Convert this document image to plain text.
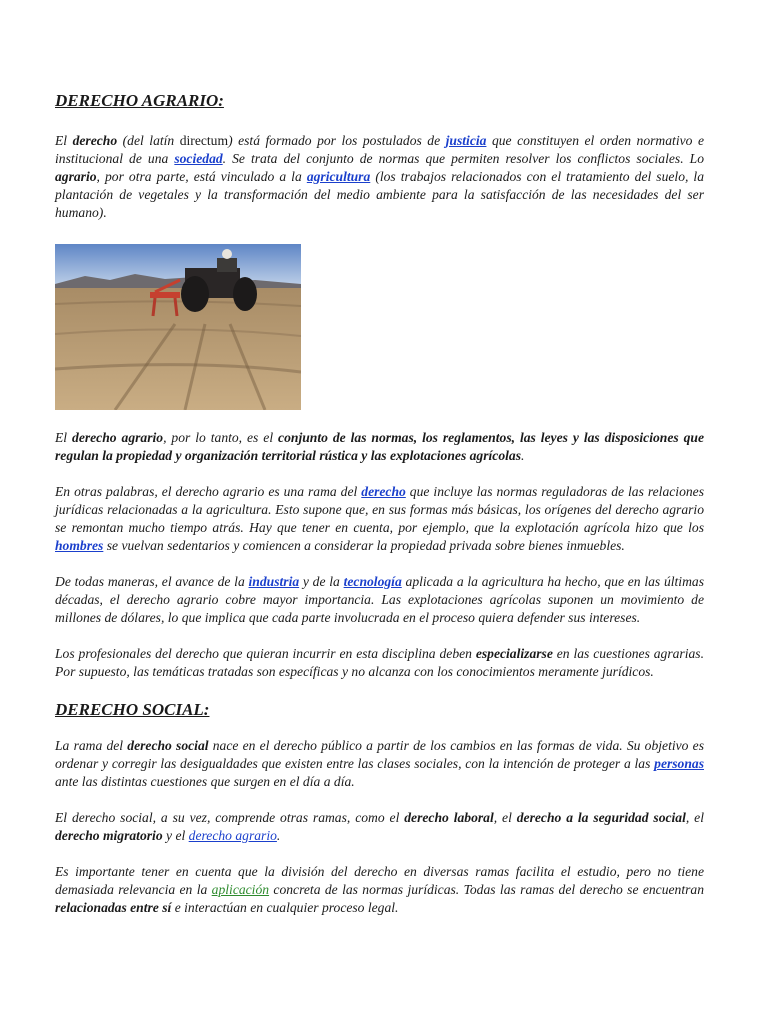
DERECHO AGRARIO:

El derecho (del latín directum) está formado por los postulados de justicia que constituyen el orden normativo e institucional de una sociedad. Se trata del conjunto de normas que permiten resolver los conflictos sociales. Lo agrario, por otra parte, está vinculado a la agricultura (los trabajos relacionados con el tratamiento del suelo, la plantación de vegetales y la transformación del medio ambiente para la satisfacción de las necesidades del ser humano).

El derecho agrario, por lo tanto, es el conjunto de las normas, los reglamentos, las leyes y las disposiciones que regulan la propiedad y organización territorial rústica y las explotaciones agrícolas.

En otras palabras, el derecho agrario es una rama del derecho que incluye las normas reguladoras de las relaciones jurídicas relacionadas a la agricultura. Esto supone que, en sus formas más básicas, los orígenes del derecho agrario se remontan mucho tiempo atrás. Hay que tener en cuenta, por ejemplo, que la explotación agrícola hizo que los hombres se vuelvan sedentarios y comiencen a considerar la propiedad privada sobre bienes inmuebles.

De todas maneras, el avance de la industria y de la tecnología aplicada a la agricultura ha hecho, que en las últimas décadas, el derecho agrario cobre mayor importancia. Las explotaciones agrícolas suponen un movimiento de millones de dólares, lo que implica que cada parte involucrada en el proceso quiera defender sus intereses.

Los profesionales del derecho que quieran incurrir en esta disciplina deben especializarse en las cuestiones agrarias. Por supuesto, las temáticas tratadas son específicas y no alcanza con los conocimientos meramente jurídicos.

DERECHO SOCIAL:

La rama del derecho social nace en el derecho público a partir de los cambios en las formas de vida. Su objetivo es ordenar y corregir las desigualdades que existen entre las clases sociales, con la intención de proteger a las personas ante las distintas cuestiones que surgen en el día a día.

El derecho social, a su vez, comprende otras ramas, como el derecho laboral, el derecho a la seguridad social, el derecho migratorio y el derecho agrario.

Es importante tener en cuenta que la división del derecho en diversas ramas facilita el estudio, pero no tiene demasiada relevancia en la aplicación concreta de las normas jurídicas. Todas las ramas del derecho se encuentran relacionadas entre sí e interactúan en cualquier proceso legal.
